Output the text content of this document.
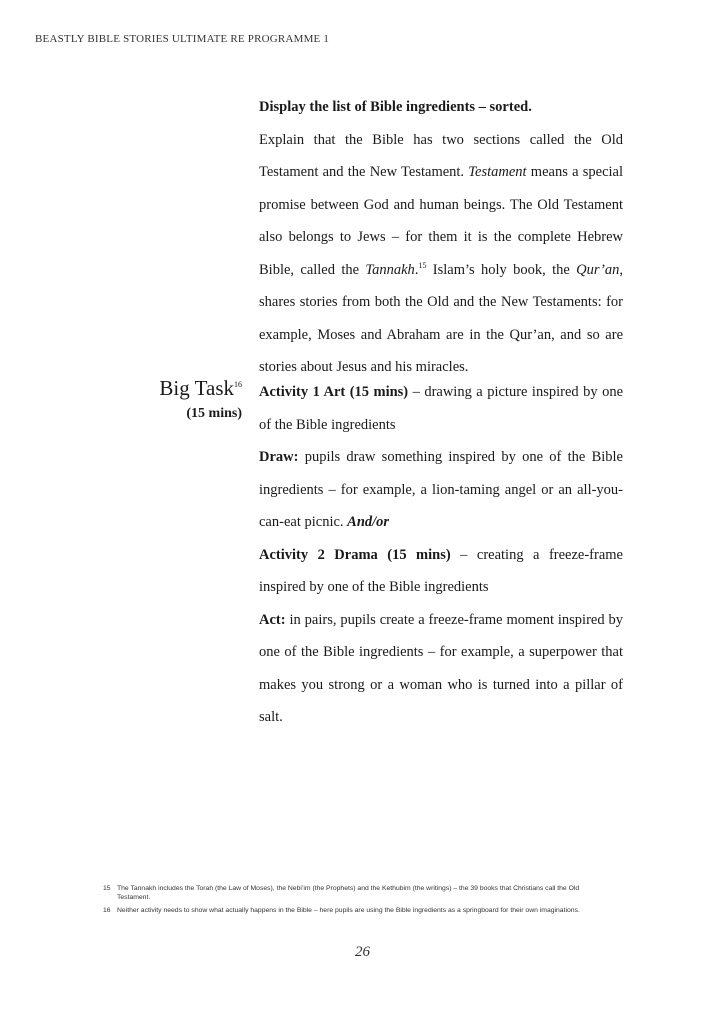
BEASTLY BIBLE STORIES ULTIMATE RE PROGRAMME 1

Display the list of Bible ingredients – sorted.

Explain that the Bible has two sections called the Old Testament and the New Testament. Testament means a special promise between God and human beings. The Old Testament also belongs to Jews – for them it is the complete Hebrew Bible, called the Tannakh.$^{15}$ Islam’s holy book, the Qur’an, shares stories from both the Old and the New Testaments: for example, Moses and Abraham are in the Qur’an, and so are stories about Jesus and his miracles.

Big Task$^{16}$
(15 mins)

Activity 1 Art (15 mins) – drawing a picture inspired by one of the Bible ingredients

Draw: pupils draw something inspired by one of the Bible ingredients – for example, a lion-taming angel or an all-you-can-eat picnic. And/or

Activity 2 Drama (15 mins) – creating a freeze-frame inspired by one of the Bible ingredients

Act: in pairs, pupils create a freeze-frame moment inspired by one of the Bible ingredients – for example, a superpower that makes you strong or a woman who is turned into a pillar of salt.

15 The Tannakh includes the Torah (the Law of Moses), the Nebi’im (the Prophets) and the Kethubim (the writings) – the 39 books that Christians call the Old Testament.
16 Neither activity needs to show what actually happens in the Bible – here pupils are using the Bible ingredients as a springboard for their own imaginations.
26
